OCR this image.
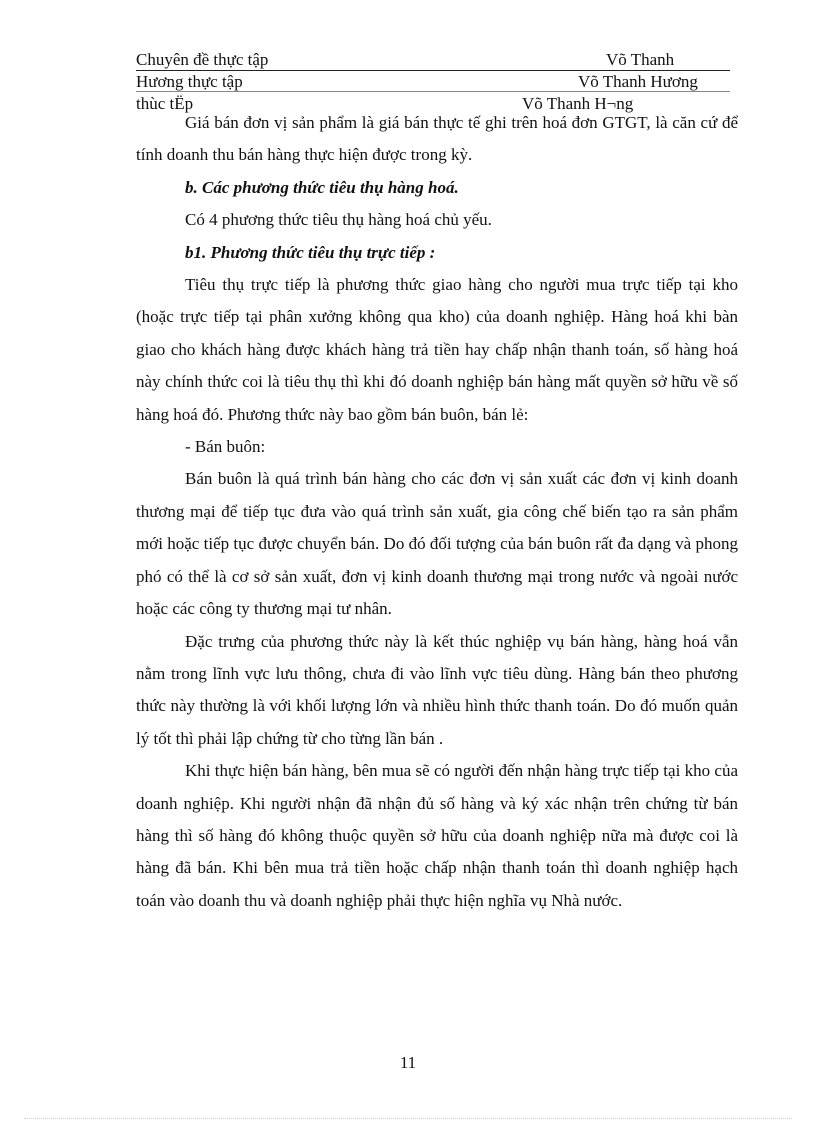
Chuyên đề thực tập	Võ Thanh
Hương thực tập	Võ Thanh Hương
thùc tËp	Võ Thanh H¬ng

Giá bán đơn vị sản phẩm là giá bán thực tế ghi trên hoá đơn GTGT, là căn cứ để tính doanh thu bán hàng thực hiện được trong kỳ.

b. Các phương thức tiêu thụ hàng hoá.

Có 4 phương thức tiêu thụ hàng hoá chủ yếu.

b1. Phương thức tiêu thụ trực tiếp :

Tiêu thụ trực tiếp là phương thức giao hàng cho người mua trực tiếp tại kho (hoặc trực tiếp tại phân xưởng không qua kho) của doanh nghiệp. Hàng hoá khi bàn giao cho khách hàng được khách hàng trả tiền hay chấp nhận thanh toán, số hàng hoá này chính thức coi là tiêu thụ thì khi đó doanh nghiệp bán hàng mất quyền sở hữu về số hàng hoá đó. Phương thức này bao gồm bán buôn, bán lẻ:

- Bán buôn:

Bán buôn là quá trình bán hàng cho các đơn vị sản xuất các đơn vị kinh doanh thương mại để tiếp tục đưa vào quá trình sản xuất, gia công chế biến tạo ra sản phẩm mới hoặc tiếp tục được chuyển bán. Do đó đối tượng của bán buôn rất đa dạng và phong phó có thể là cơ sở sản xuất, đơn vị kinh doanh thương mại trong nước và ngoài nước hoặc các công ty thương mại tư nhân.

Đặc trưng của phương thức này là kết thúc nghiệp vụ bán hàng, hàng hoá vẫn nằm trong lĩnh vực lưu thông, chưa đi vào lĩnh vực tiêu dùng. Hàng bán theo phương thức này thường là với khối lượng lớn và nhiều hình thức thanh toán. Do đó muốn quản lý tốt thì phải lập chứng từ cho từng lần bán .

Khi thực hiện bán hàng, bên mua sẽ có người đến nhận hàng trực tiếp tại kho của doanh nghiệp. Khi người nhận đã nhận đủ số hàng và ký xác nhận trên chứng từ bán hàng thì số hàng đó không thuộc quyền sở hữu của doanh nghiệp nữa mà được coi là hàng đã bán. Khi bên mua trả tiền hoặc chấp nhận thanh toán thì doanh nghiệp hạch toán vào doanh thu và doanh nghiệp phải thực hiện nghĩa vụ Nhà nước.

11
